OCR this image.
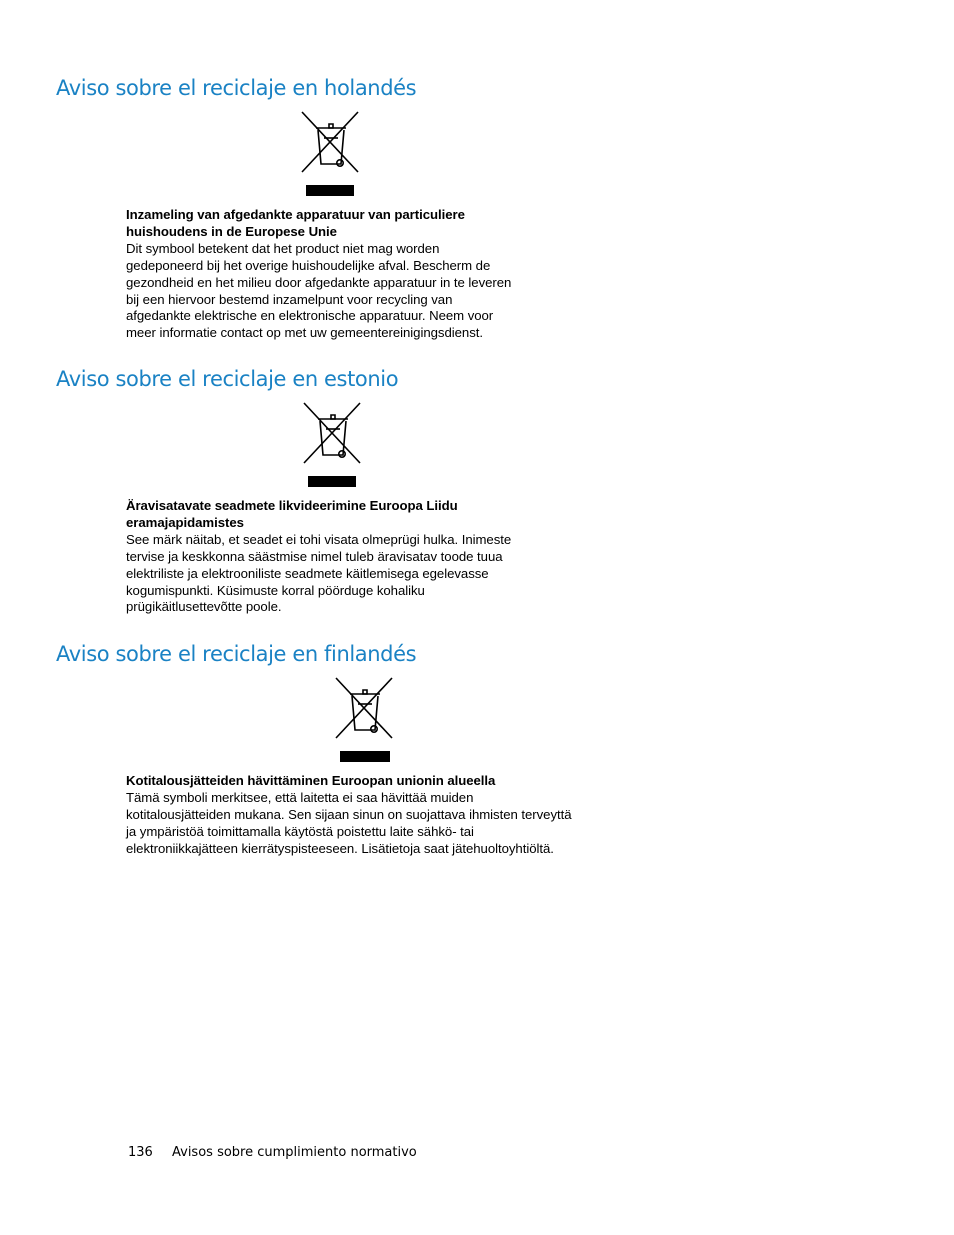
Aviso sobre el reciclaje en holandés

Inzameling van afgedankte apparatuur van particuliere
huishoudens in de Europese Unie

Dit symbool betekent dat het product niet mag worden
gedeponeerd bij het overige huishoudelijke afval. Bescherm de
gezondheid en het milieu door afgedankte apparatuur in te leveren
bij een hiervoor bestemd inzamelpunt voor recycling van
afgedankte elektrische en elektronische apparatuur. Neem voor
meer informatie contact op met uw gemeentereinigingsdienst.

Aviso sobre el reciclaje en estonio

Äravisatavate seadmete likvideerimine Euroopa Liidu
eramajapidamistes

See märk näitab, et seadet ei tohi visata olmeprügi hulka. Inimeste
tervise ja keskkonna säästmise nimel tuleb äravisatav toode tuua
elektriliste ja elektrooniliste seadmete käitlemisega egelevasse
kogumispunkti. Küsimuste korral pöörduge kohaliku
prügikäitlusettevõtte poole.

Aviso sobre el reciclaje en finlandés

Kotitalousjätteiden hävittäminen Euroopan unionin alueella

Tämä symboli merkitsee, että laitetta ei saa hävittää muiden
kotitalousjätteiden mukana. Sen sijaan sinun on suojattava ihmisten terveyttä
ja ympäristöä toimittamalla käytöstä poistettu laite sähkö- tai
elektroniikkajätteen kierrätyspisteeseen. Lisätietoja saat jätehuoltoyhtiöltä.

136 Avisos sobre cumplimiento normativo
